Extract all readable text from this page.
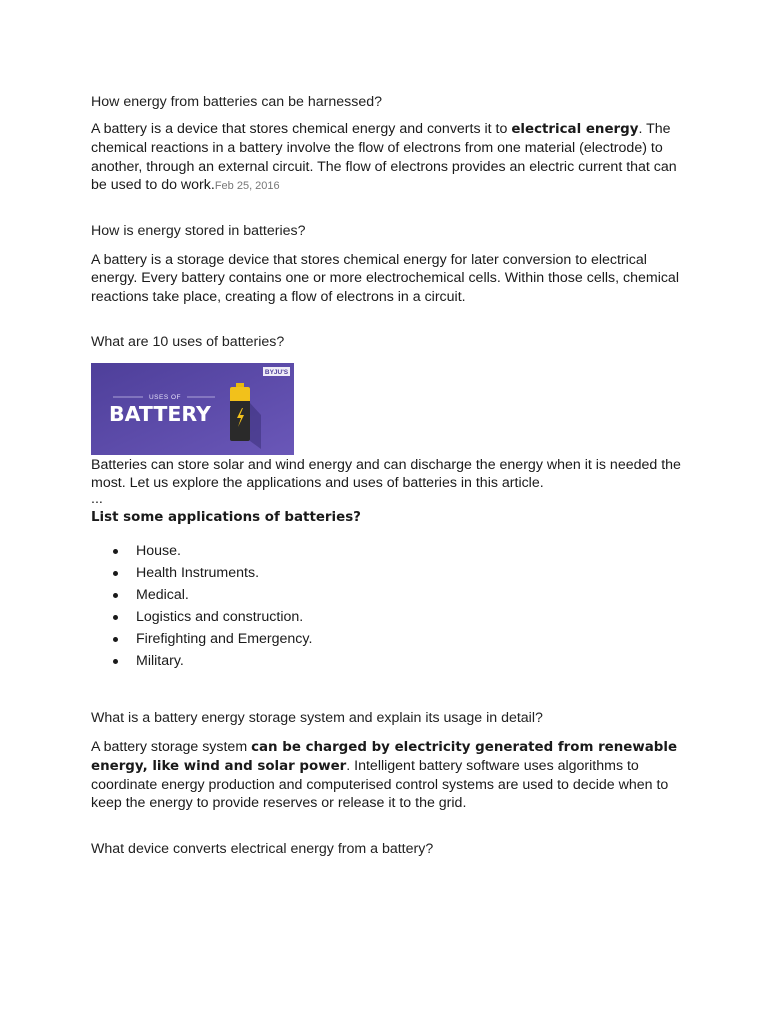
How energy from batteries can be harnessed?

A battery is a device that stores chemical energy and converts it to electrical energy. The chemical reactions in a battery involve the flow of electrons from one material (electrode) to another, through an external circuit. The flow of electrons provides an electric current that can be used to do work.Feb 25, 2016

How is energy stored in batteries?

A battery is a storage device that stores chemical energy for later conversion to electrical energy. Every battery contains one or more electrochemical cells. Within those cells, chemical reactions take place, creating a flow of electrons in a circuit.

What are 10 uses of batteries?

BYJU'S
USES OF
BATTERY

Batteries can store solar and wind energy and can discharge the energy when it is needed the most. Let us explore the applications and uses of batteries in this article.

...

List some applications of batteries?

House.
Health Instruments.
Medical.
Logistics and construction.
Firefighting and Emergency.
Military.

What is a battery energy storage system and explain its usage in detail?

A battery storage system can be charged by electricity generated from renewable energy, like wind and solar power. Intelligent battery software uses algorithms to coordinate energy production and computerised control systems are used to decide when to keep the energy to provide reserves or release it to the grid.

What device converts electrical energy from a battery?
